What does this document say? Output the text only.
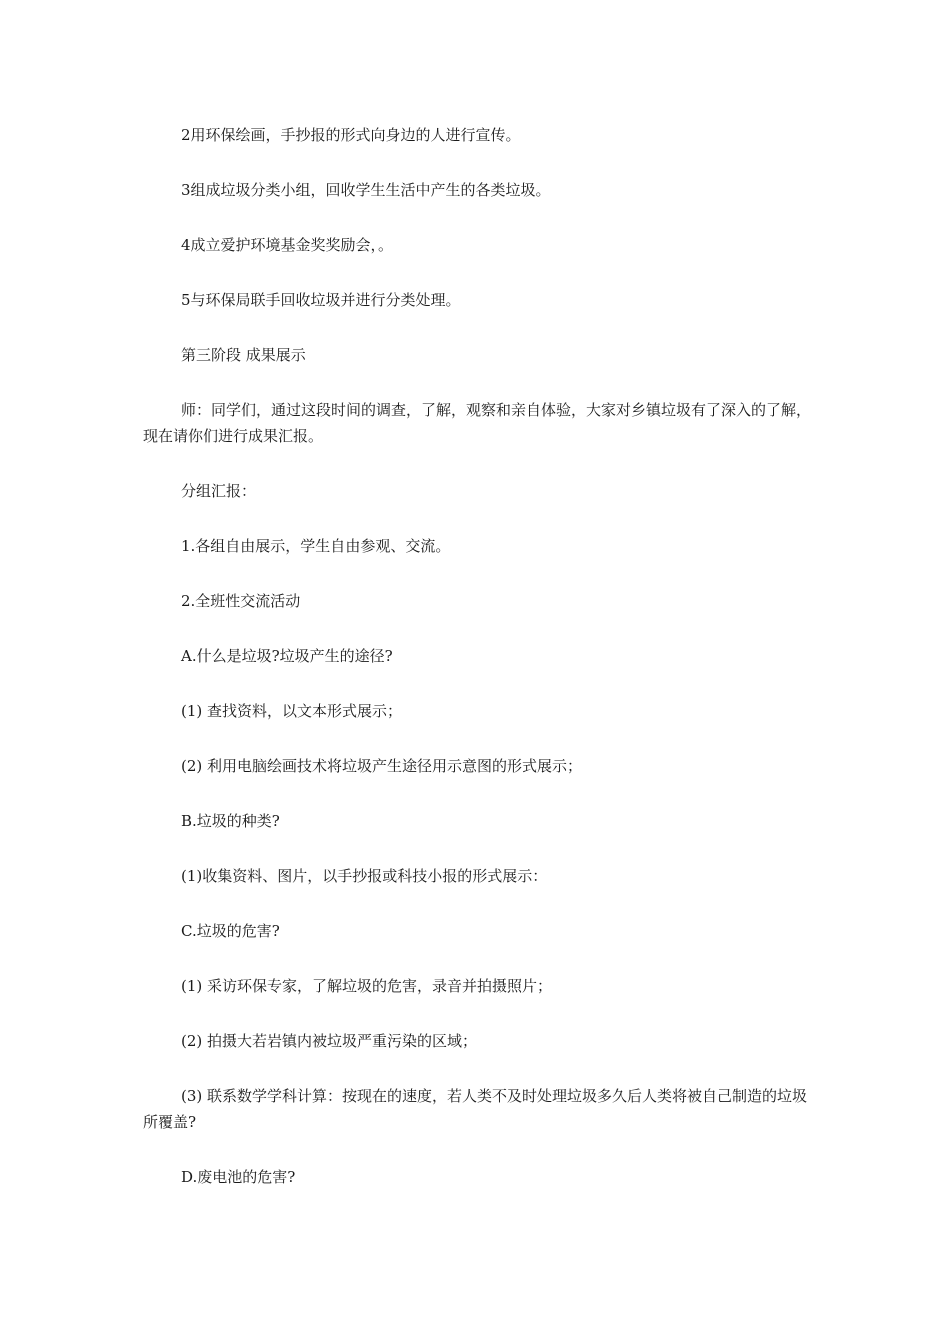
2用环保绘画，手抄报的形式向身边的人进行宣传。

3组成垃圾分类小组，回收学生生活中产生的各类垃圾。

4成立爱护环境基金奖奖励会，。

5与环保局联手回收垃圾并进行分类处理。

第三阶段 成果展示

师：同学们，通过这段时间的调查，了解，观察和亲自体验，大家对乡镇垃圾有了深入的了解，现在请你们进行成果汇报。

分组汇报：

1.各组自由展示，学生自由参观、交流。

2.全班性交流活动

A.什么是垃圾?垃圾产生的途径?

(1) 查找资料，以文本形式展示；

(2) 利用电脑绘画技术将垃圾产生途径用示意图的形式展示；

B.垃圾的种类?

(1)收集资料、图片，以手抄报或科技小报的形式展示：

C.垃圾的危害?

(1) 采访环保专家，了解垃圾的危害，录音并拍摄照片；

(2) 拍摄大若岩镇内被垃圾严重污染的区域；

(3) 联系数学学科计算：按现在的速度，若人类不及时处理垃圾多久后人类将被自己制造的垃圾所覆盖?

D.废电池的危害?
